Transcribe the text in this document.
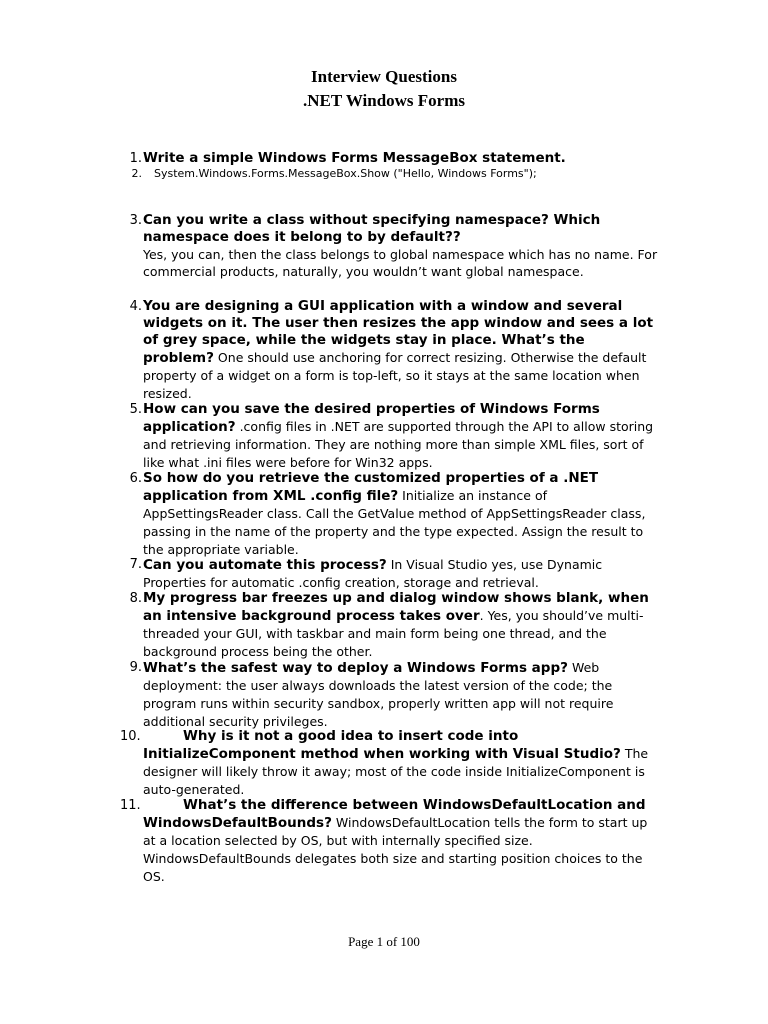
Interview Questions
.NET Windows Forms
1. Write a simple Windows Forms MessageBox statement.
2. System.Windows.Forms.MessageBox.Show ("Hello, Windows Forms");
3. Can you write a class without specifying namespace? Which namespace does it belong to by default??
Yes, you can, then the class belongs to global namespace which has no name. For commercial products, naturally, you wouldn’t want global namespace.
4. You are designing a GUI application with a window and several widgets on it. The user then resizes the app window and sees a lot of grey space, while the widgets stay in place. What’s the problem? One should use anchoring for correct resizing. Otherwise the default property of a widget on a form is top-left, so it stays at the same location when resized.
5. How can you save the desired properties of Windows Forms application? .config files in .NET are supported through the API to allow storing and retrieving information. They are nothing more than simple XML files, sort of like what .ini files were before for Win32 apps.
6. So how do you retrieve the customized properties of a .NET application from XML .config file? Initialize an instance of AppSettingsReader class. Call the GetValue method of AppSettingsReader class, passing in the name of the property and the type expected. Assign the result to the appropriate variable.
7. Can you automate this process? In Visual Studio yes, use Dynamic Properties for automatic .config creation, storage and retrieval.
8. My progress bar freezes up and dialog window shows blank, when an intensive background process takes over. Yes, you should’ve multi-threaded your GUI, with taskbar and main form being one thread, and the background process being the other.
9. What’s the safest way to deploy a Windows Forms app? Web deployment: the user always downloads the latest version of the code; the program runs within security sandbox, properly written app will not require additional security privileges.
10.	Why is it not a good idea to insert code into InitializeComponent method when working with Visual Studio? The designer will likely throw it away; most of the code inside InitializeComponent is auto-generated.
11.	What’s the difference between WindowsDefaultLocation and WindowsDefaultBounds? WindowsDefaultLocation tells the form to start up at a location selected by OS, but with internally specified size. WindowsDefaultBounds delegates both size and starting position choices to the OS.
Page 1 of 100
